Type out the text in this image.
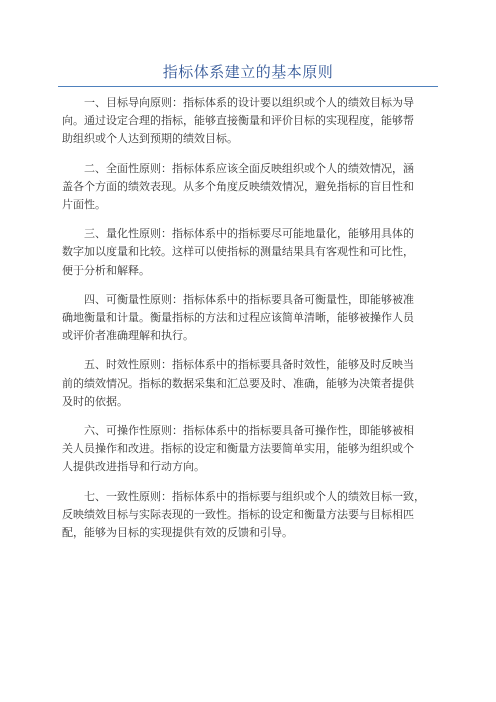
指标体系建立的基本原则
一、目标导向原则：指标体系的设计要以组织或个人的绩效目标为导
向。通过设定合理的指标，能够直接衡量和评价目标的实现程度，能够帮
助组织或个人达到预期的绩效目标。
二、全面性原则：指标体系应该全面反映组织或个人的绩效情况，涵
盖各个方面的绩效表现。从多个角度反映绩效情况，避免指标的盲目性和
片面性。
三、量化性原则：指标体系中的指标要尽可能地量化，能够用具体的
数字加以度量和比较。这样可以使指标的测量结果具有客观性和可比性，
便于分析和解释。
四、可衡量性原则：指标体系中的指标要具备可衡量性，即能够被准
确地衡量和计量。衡量指标的方法和过程应该简单清晰，能够被操作人员
或评价者准确理解和执行。
五、时效性原则：指标体系中的指标要具备时效性，能够及时反映当
前的绩效情况。指标的数据采集和汇总要及时、准确，能够为决策者提供
及时的依据。
六、可操作性原则：指标体系中的指标要具备可操作性，即能够被相
关人员操作和改进。指标的设定和衡量方法要简单实用，能够为组织或个
人提供改进指导和行动方向。
七、一致性原则：指标体系中的指标要与组织或个人的绩效目标一致，
反映绩效目标与实际表现的一致性。指标的设定和衡量方法要与目标相匹
配，能够为目标的实现提供有效的反馈和引导。
